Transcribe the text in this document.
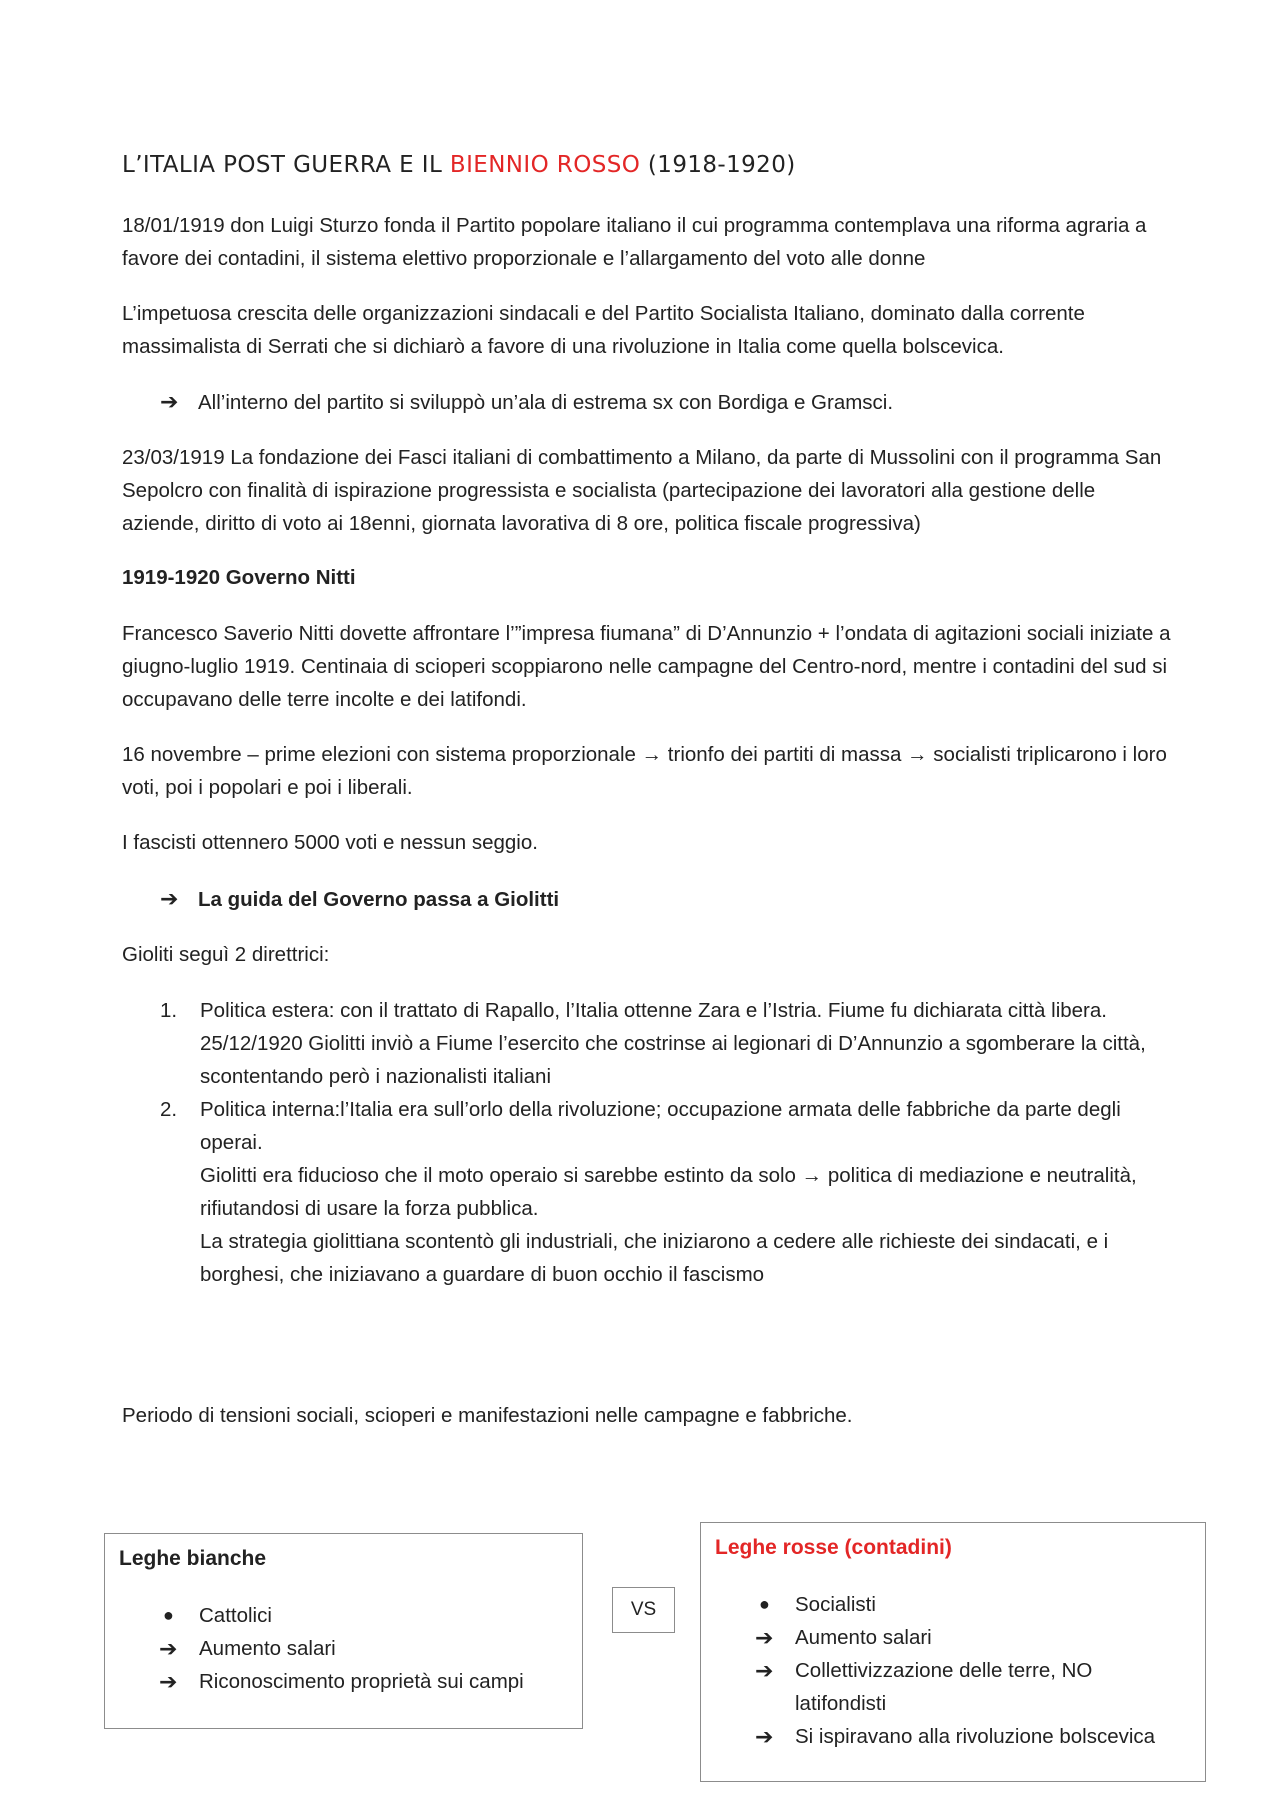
L’ITALIA POST GUERRA E IL BIENNIO ROSSO (1918-1920)
18/01/1919 don Luigi Sturzo fonda il Partito popolare italiano il cui programma contemplava una riforma agraria a favore dei contadini, il sistema elettivo proporzionale e l’allargamento del voto alle donne
L’impetuosa crescita delle organizzazioni sindacali e del Partito Socialista Italiano, dominato dalla corrente massimalista di Serrati che si dichiarò a favore di una rivoluzione in Italia come quella bolscevica.
➔ All’interno del partito si sviluppò un’ala di estrema sx con Bordiga e Gramsci.
23/03/1919 La fondazione dei Fasci italiani di combattimento a Milano, da parte di Mussolini con il programma San Sepolcro con finalità di ispirazione progressista e socialista (partecipazione dei lavoratori alla gestione delle aziende, diritto di voto ai 18enni, giornata lavorativa di 8 ore, politica fiscale progressiva)
1919-1920 Governo Nitti
Francesco Saverio Nitti dovette affrontare l’”impresa fiumana” di D’Annunzio + l’ondata di agitazioni sociali iniziate a giugno-luglio 1919. Centinaia di scioperi scoppiarono nelle campagne del Centro-nord, mentre i contadini del sud si occupavano delle terre incolte e dei latifondi.
16 novembre – prime elezioni con sistema proporzionale → trionfo dei partiti di massa → socialisti triplicarono i loro voti, poi i popolari e poi i liberali.
I fascisti ottennero 5000 voti e nessun seggio.
➔ La guida del Governo passa a Giolitti
Gioliti seguì 2 direttrici:
1. Politica estera: con il trattato di Rapallo, l’Italia ottenne Zara e l’Istria. Fiume fu dichiarata città libera.
25/12/1920 Giolitti inviò a Fiume l’esercito che costrinse ai legionari di D’Annunzio a sgomberare la città, scontentando però i nazionalisti italiani
2. Politica interna:l’Italia era sull’orlo della rivoluzione; occupazione armata delle fabbriche da parte degli operai.
Giolitti era fiducioso che il moto operaio si sarebbe estinto da solo → politica di mediazione e neutralità, rifiutandosi di usare la forza pubblica.
La strategia giolittiana scontentò gli industriali, che iniziarono a cedere alle richieste dei sindacati, e i borghesi, che iniziavano a guardare di buon occhio il fascismo
Periodo di tensioni sociali, scioperi e manifestazioni nelle campagne e fabbriche.
Leghe bianche
● Cattolici
➔	Aumento salari
➔	Riconoscimento proprietà sui campi
VS
Leghe rosse (contadini)
● Socialisti
➔	Aumento salari
➔	Collettivizzazione delle terre, NO latifondisti
➔	Si ispiravano alla rivoluzione bolscevica
